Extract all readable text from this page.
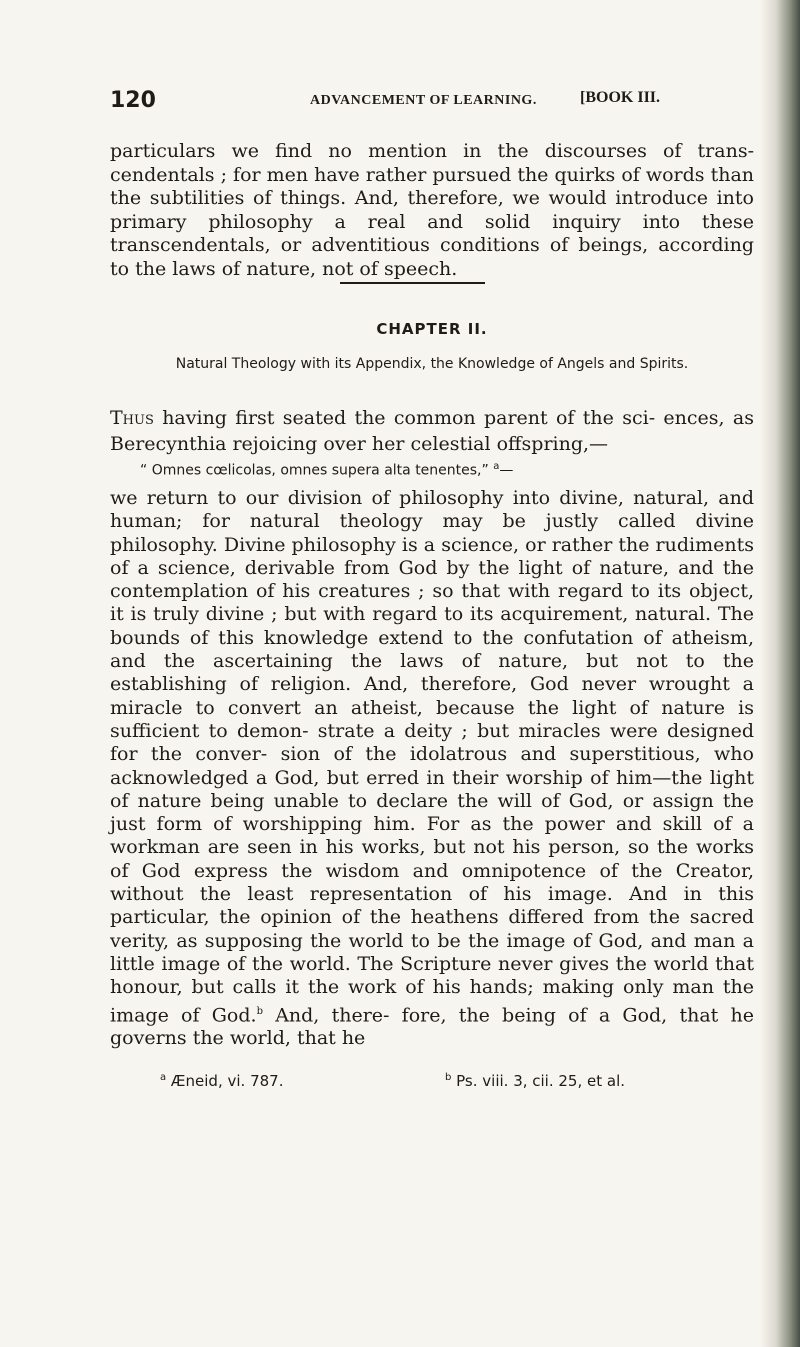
120	ADVANCEMENT OF LEARNING.	[BOOK III.

particulars we find no mention in the discourses of trans- cendentals ; for men have rather pursued the quirks of words than the subtilities of things. And, therefore, we would introduce into primary philosophy a real and solid inquiry into these transcendentals, or adventitious conditions of beings, according to the laws of nature, not of speech.

CHAPTER II.
Natural Theology with its Appendix, the Knowledge of Angels and Spirits.

Thus having first seated the common parent of the sci- ences, as Berecynthia rejoicing over her celestial offspring,—

“ Omnes cœlicolas, omnes supera alta tenentes,” $^a$—

we return to our division of philosophy into divine, natural, and human; for natural theology may be justly called divine philosophy. Divine philosophy is a science, or rather the rudiments of a science, derivable from God by the light of nature, and the contemplation of his creatures ; so that with regard to its object, it is truly divine ; but with regard to its acquirement, natural. The bounds of this knowledge extend to the confutation of atheism, and the ascertaining the laws of nature, but not to the establishing of religion. And, therefore, God never wrought a miracle to convert an atheist, because the light of nature is sufficient to demon- strate a deity ; but miracles were designed for the conver- sion of the idolatrous and superstitious, who acknowledged a God, but erred in their worship of him—the light of nature being unable to declare the will of God, or assign the just form of worshipping him. For as the power and skill of a workman are seen in his works, but not his person, so the works of God express the wisdom and omnipotence of the Creator, without the least representation of his image. And in this particular, the opinion of the heathens differed from the sacred verity, as supposing the world to be the image of God, and man a little image of the world. The Scripture never gives the world that honour, but calls it the work of his hands; making only man the image of God.$^b$ And, there- fore, the being of a God, that he governs the world, that he

$^a$ Æneid, vi. 787.	$^b$ Ps. viii. 3, cii. 25, et al.
